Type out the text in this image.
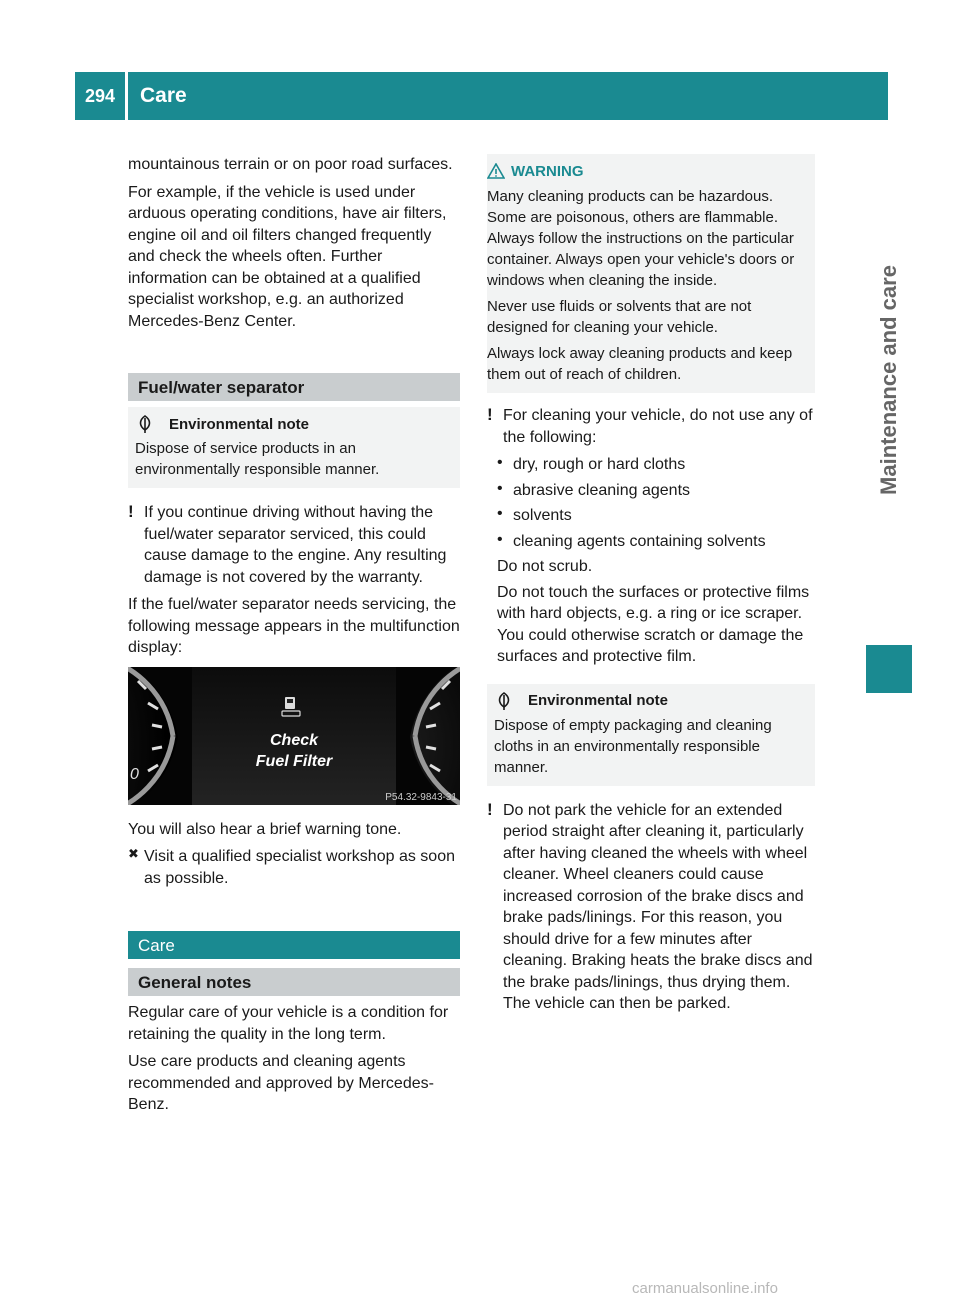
294	Care
Maintenance and care

mountainous terrain or on poor road surfaces.

For example, if the vehicle is used under arduous operating conditions, have air filters, engine oil and oil filters changed frequently and check the wheels often. Further information can be obtained at a qualified specialist workshop, e.g. an authorized Mercedes-Benz Center.

Fuel/water separator
Environmental note

Dispose of service products in an environmentally responsible manner.

! If you continue driving without having the fuel/water separator serviced, this could cause damage to the engine. Any resulting damage is not covered by the warranty.

If the fuel/water separator needs servicing, the following message appears in the multifunction display:

0
Check
Fuel Filter
P54.32-9843-31

You will also hear a brief warning tone.

✖ Visit a qualified specialist workshop as soon as possible.

Care
General notes

Regular care of your vehicle is a condition for retaining the quality in the long term.

Use care products and cleaning agents recommended and approved by Mercedes-Benz.

WARNING

Many cleaning products can be hazardous. Some are poisonous, others are flammable. Always follow the instructions on the particular container. Always open your vehicle's doors or windows when cleaning the inside.

Never use fluids or solvents that are not designed for cleaning your vehicle.

Always lock away cleaning products and keep them out of reach of children.

! For cleaning your vehicle, do not use any of the following:

• dry, rough or hard cloths

• abrasive cleaning agents

• solvents

• cleaning agents containing solvents

Do not scrub.

Do not touch the surfaces or protective films with hard objects, e.g. a ring or ice scraper. You could otherwise scratch or damage the surfaces and protective film.

Environmental note

Dispose of empty packaging and cleaning cloths in an environmentally responsible manner.

! Do not park the vehicle for an extended period straight after cleaning it, particularly after having cleaned the wheels with wheel cleaner. Wheel cleaners could cause increased corrosion of the brake discs and brake pads/linings. For this reason, you should drive for a few minutes after cleaning. Braking heats the brake discs and the brake pads/linings, thus drying them. The vehicle can then be parked.

carmanualsonline.info
